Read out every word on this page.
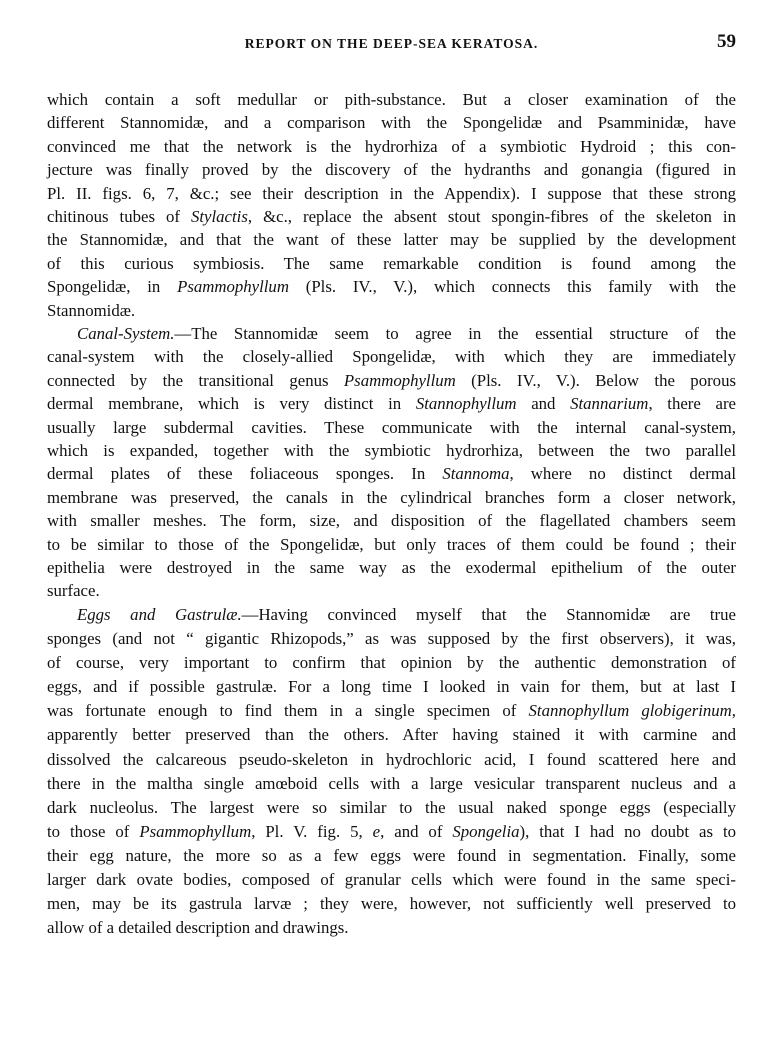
REPORT ON THE DEEP-SEA KERATOSA.	59
which contain a soft medullar or pith-substance. But a closer examination of the
different Stannomidæ, and a comparison with the Spongelidæ and Psamminidæ, have
convinced me that the network is the hydrorhiza of a symbiotic Hydroid ; this con-
jecture was finally proved by the discovery of the hydranths and gonangia (figured in
Pl. II. figs. 6, 7, &c.; see their description in the Appendix). I suppose that these strong
chitinous tubes of Stylactis, &c., replace the absent stout spongin-fibres of the skeleton in
the Stannomidæ, and that the want of these latter may be supplied by the development
of this curious symbiosis. The same remarkable condition is found among the
Spongelidæ, in Psammophyllum (Pls. IV., V.), which connects this family with the
Stannomidæ.
Canal-System.—The Stannomidæ seem to agree in the essential structure of the
canal-system with the closely-allied Spongelidæ, with which they are immediately
connected by the transitional genus Psammophyllum (Pls. IV., V.). Below the porous
dermal membrane, which is very distinct in Stannophyllum and Stannarium, there are
usually large subdermal cavities. These communicate with the internal canal-system,
which is expanded, together with the symbiotic hydrorhiza, between the two parallel
dermal plates of these foliaceous sponges. In Stannoma, where no distinct dermal
membrane was preserved, the canals in the cylindrical branches form a closer network,
with smaller meshes. The form, size, and disposition of the flagellated chambers seem
to be similar to those of the Spongelidæ, but only traces of them could be found ; their
epithelia were destroyed in the same way as the exodermal epithelium of the outer
surface.
Eggs and Gastrulæ.—Having convinced myself that the Stannomidæ are true
sponges (and not “ gigantic Rhizopods,” as was supposed by the first observers), it was,
of course, very important to confirm that opinion by the authentic demonstration of
eggs, and if possible gastrulæ. For a long time I looked in vain for them, but at last I
was fortunate enough to find them in a single specimen of Stannophyllum globigerinum,
apparently better preserved than the others. After having stained it with carmine and
dissolved the calcareous pseudo-skeleton in hydrochloric acid, I found scattered here and
there in the maltha single amœboid cells with a large vesicular transparent nucleus and a
dark nucleolus. The largest were so similar to the usual naked sponge eggs (especially
to those of Psammophyllum, Pl. V. fig. 5, e, and of Spongelia), that I had no doubt as to
their egg nature, the more so as a few eggs were found in segmentation. Finally, some
larger dark ovate bodies, composed of granular cells which were found in the same speci-
men, may be its gastrula larvæ ; they were, however, not sufficiently well preserved to
allow of a detailed description and drawings.
